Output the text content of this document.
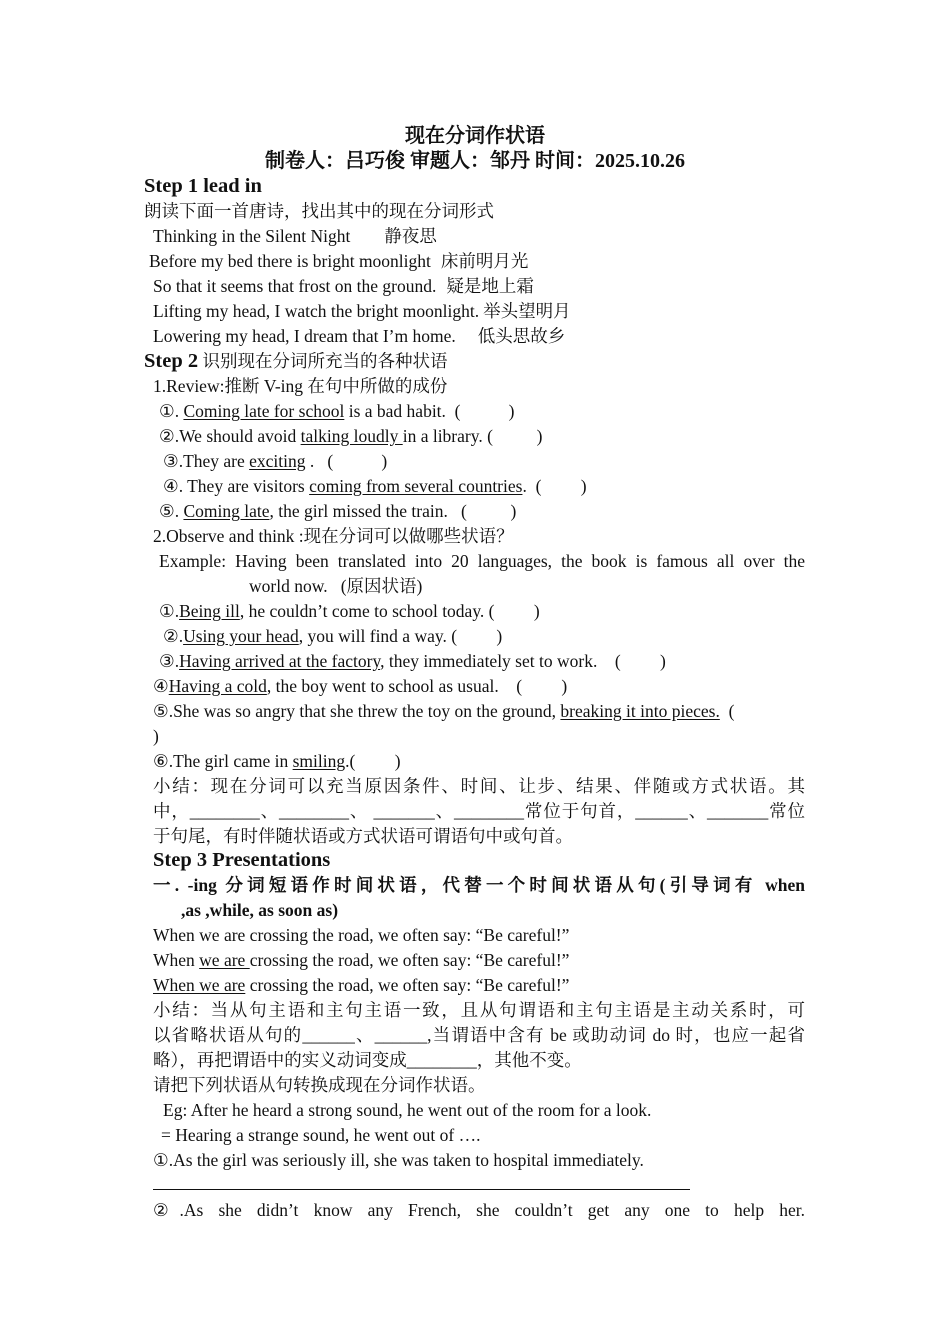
现在分词作状语
制卷人：吕巧俊 审题人：邹丹 时间：2025.10.26
Step 1 lead in
朗读下面一首唐诗，找出其中的现在分词形式
Thinking in the Silent Night 静夜思
Before my bed there is bright moonlight 床前明月光
So that it seems that frost on the ground. 疑是地上霜
Lifting my head, I watch the bright moonlight. 举头望明月
Lowering my head, I dream that I’m home. 低头思故乡
Step 2 识别现在分词所充当的各种状语
1.Review:推断 V-ing 在句中所做的成份
①. Coming late for school is a bad habit.  (           )
②.We should avoid talking loudly in a library. (          )
③.They are exciting .   (           )
④. They are visitors coming from several countries.  (         )
⑤. Coming late, the girl missed the train.   (          )
2.Observe and think :现在分词可以做哪些状语？
Example: Having been translated into 20 languages, the book is famous all over the
world now.   (原因状语)
①.Being ill, he couldn’t come to school today. (         )
②.Using your head, you will find a way. (         )
③.Having arrived at the factory, they immediately set to work.    (         )
④Having a cold, the boy went to school as usual.    (         )
⑤.She was so angry that she threw the toy on the ground, breaking it into pieces.  (
)
⑥.The girl came in smiling.(         )
小结：现在分词可以充当原因条件、时间、让步、结果、伴随或方式状语。其
中，________、________、 _______、________常位于句首，______、_______常位
于句尾，有时伴随状语或方式状语可谓语句中或句首。
Step 3 Presentations
一. -ing 分词短语作时间状语，代替一个时间状语从句(引导词有 when
,as ,while, as soon as)
When we are crossing the road, we often say: “Be careful!”
When we are crossing the road, we often say: “Be careful!”
When we are crossing the road, we often say: “Be careful!”
小结：当从句主语和主句主语一致，且从句谓语和主句主语是主动关系时，可
以省略状语从句的______、______,当谓语中含有 be 或助动词 do 时，也应一起省
略），再把谓语中的实义动词变成________，其他不变。
请把下列状语从句转换成现在分词作状语。
Eg: After he heard a strong sound, he went out of the room for a look.
= Hearing a strange sound, he went out of ….
①.As the girl was seriously ill, she was taken to hospital immediately.
②.As she didn’t know any French, she couldn’t get any one to help her.
